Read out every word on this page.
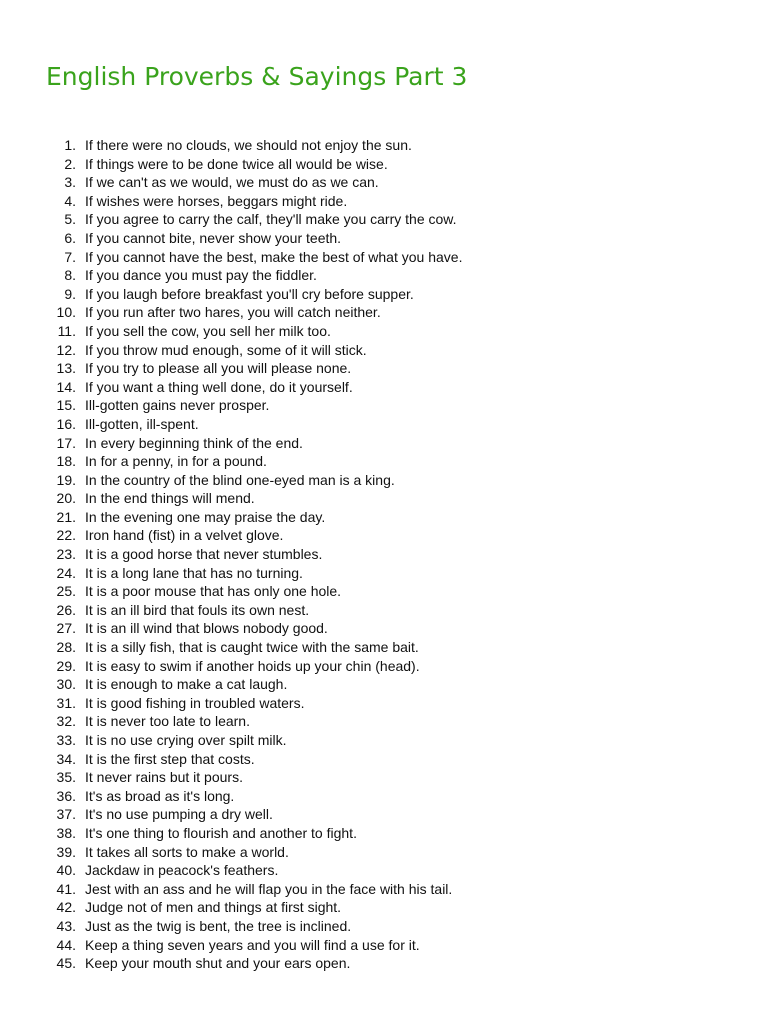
English Proverbs & Sayings Part 3
1. If there were no clouds, we should not enjoy the sun.
2. If things were to be done twice all would be wise.
3. If we can't as we would, we must do as we can.
4. If wishes were horses, beggars might ride.
5. If you agree to carry the calf, they'll make you carry the cow.
6. If you cannot bite, never show your teeth.
7. If you cannot have the best, make the best of what you have.
8. If you dance you must pay the fiddler.
9. If you laugh before breakfast you'll cry before supper.
10. If you run after two hares, you will catch neither.
11. If you sell the cow, you sell her milk too.
12. If you throw mud enough, some of it will stick.
13. If you try to please all you will please none.
14. If you want a thing well done, do it yourself.
15. Ill-gotten gains never prosper.
16. Ill-gotten, ill-spent.
17. In every beginning think of the end.
18. In for a penny, in for a pound.
19. In the country of the blind one-eyed man is a king.
20. In the end things will mend.
21. In the evening one may praise the day.
22. Iron hand (fist) in a velvet glove.
23. It is a good horse that never stumbles.
24. It is a long lane that has no turning.
25. It is a poor mouse that has only one hole.
26. It is an ill bird that fouls its own nest.
27. It is an ill wind that blows nobody good.
28. It is a silly fish, that is caught twice with the same bait.
29. It is easy to swim if another hoids up your chin (head).
30. It is enough to make a cat laugh.
31. It is good fishing in troubled waters.
32. It is never too late to learn.
33. It is no use crying over spilt milk.
34. It is the first step that costs.
35. It never rains but it pours.
36. It's as broad as it's long.
37. It's no use pumping a dry well.
38. It's one thing to flourish and another to fight.
39. It takes all sorts to make a world.
40. Jackdaw in peacock's feathers.
41. Jest with an ass and he will flap you in the face with his tail.
42. Judge not of men and things at first sight.
43. Just as the twig is bent, the tree is inclined.
44. Keep a thing seven years and you will find a use for it.
45. Keep your mouth shut and your ears open.
